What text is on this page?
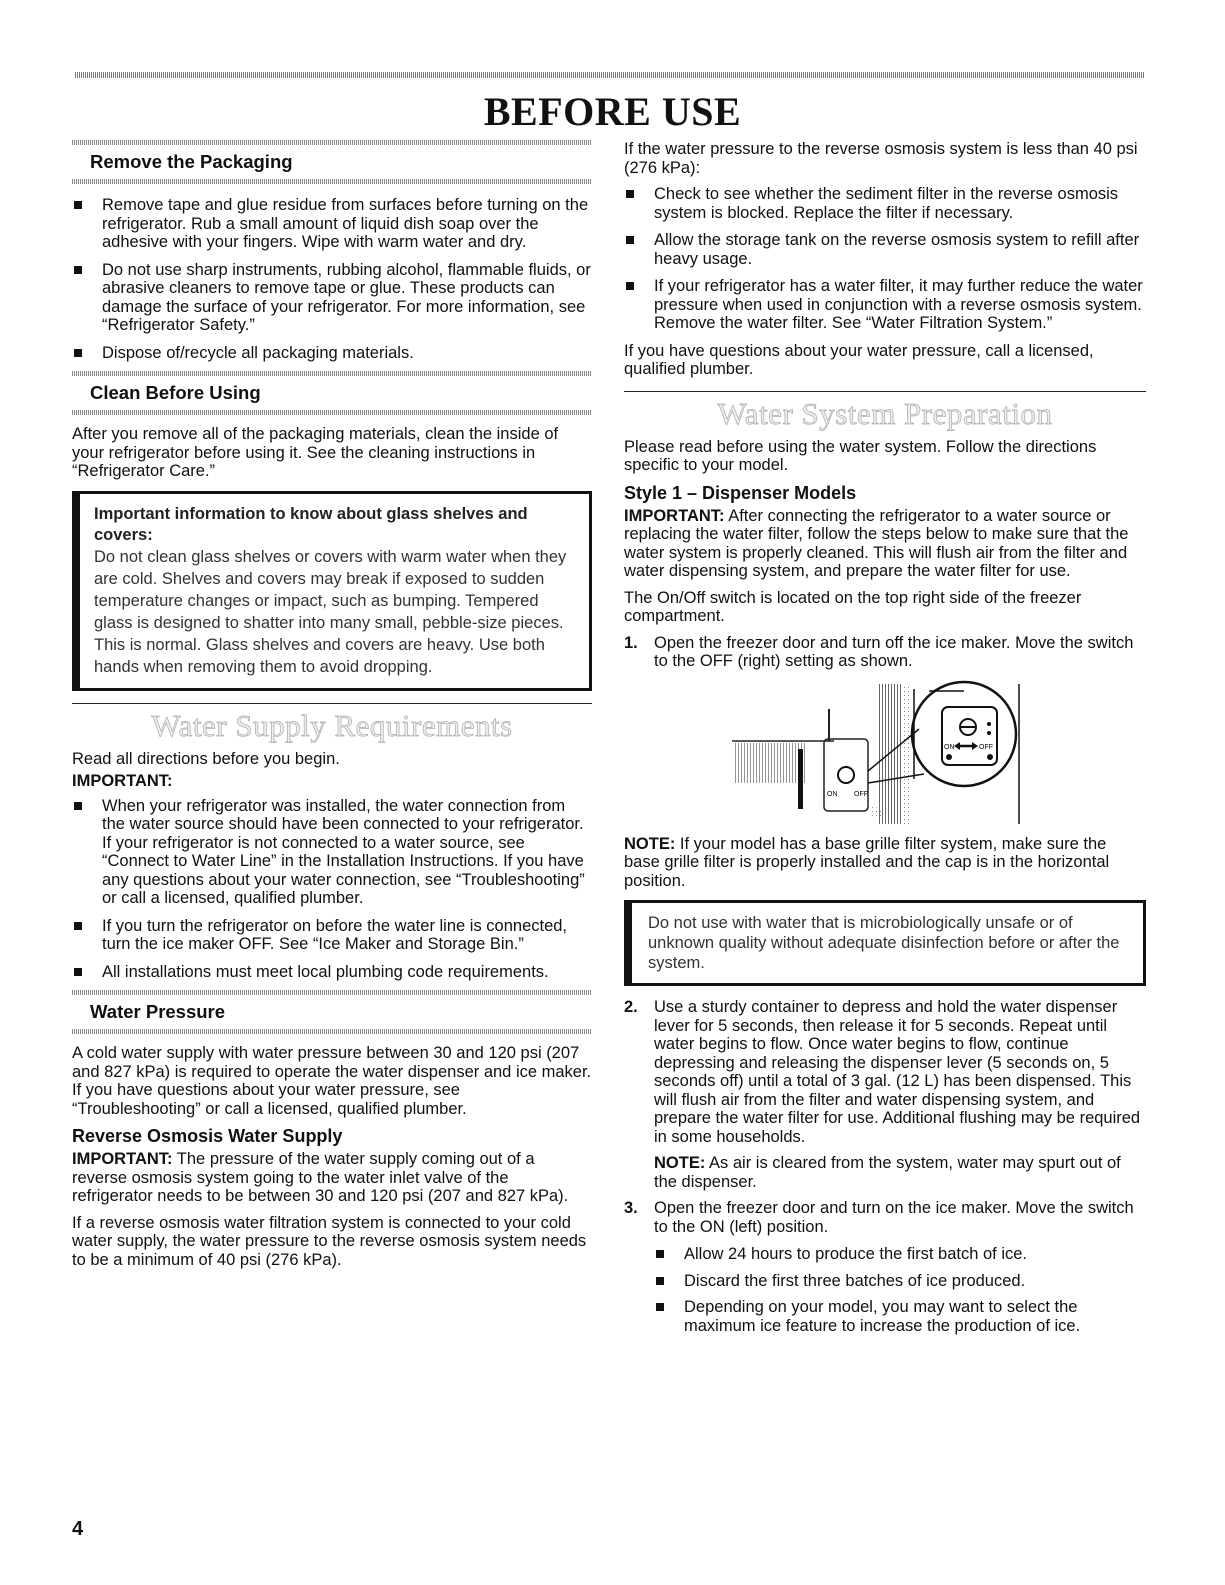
BEFORE USE
Remove the Packaging
Remove tape and glue residue from surfaces before turning on the refrigerator. Rub a small amount of liquid dish soap over the adhesive with your fingers. Wipe with warm water and dry.
Do not use sharp instruments, rubbing alcohol, flammable fluids, or abrasive cleaners to remove tape or glue. These products can damage the surface of your refrigerator. For more information, see “Refrigerator Safety.”
Dispose of/recycle all packaging materials.
Clean Before Using

After you remove all of the packaging materials, clean the inside of your refrigerator before using it. See the cleaning instructions in “Refrigerator Care.”

Important information to know about glass shelves and covers:

Do not clean glass shelves or covers with warm water when they are cold. Shelves and covers may break if exposed to sudden temperature changes or impact, such as bumping. Tempered glass is designed to shatter into many small, pebble-size pieces. This is normal. Glass shelves and covers are heavy. Use both hands when removing them to avoid dropping.

Water Supply Requirements

Read all directions before you begin.

IMPORTANT:

When your refrigerator was installed, the water connection from the water source should have been connected to your refrigerator. If your refrigerator is not connected to a water source, see “Connect to Water Line” in the Installation Instructions. If you have any questions about your water connection, see “Troubleshooting” or call a licensed, qualified plumber.
If you turn the refrigerator on before the water line is connected, turn the ice maker OFF. See “Ice Maker and Storage Bin.”
All installations must meet local plumbing code requirements.
Water Pressure

A cold water supply with water pressure between 30 and 120 psi (207 and 827 kPa) is required to operate the water dispenser and ice maker. If you have questions about your water pressure, see “Troubleshooting” or call a licensed, qualified plumber.

Reverse Osmosis Water Supply

IMPORTANT: The pressure of the water supply coming out of a reverse osmosis system going to the water inlet valve of the refrigerator needs to be between 30 and 120 psi (207 and 827 kPa).

If a reverse osmosis water filtration system is connected to your cold water supply, the water pressure to the reverse osmosis system needs to be a minimum of 40 psi (276 kPa).

If the water pressure to the reverse osmosis system is less than 40 psi (276 kPa):

Check to see whether the sediment filter in the reverse osmosis system is blocked. Replace the filter if necessary.
Allow the storage tank on the reverse osmosis system to refill after heavy usage.
If your refrigerator has a water filter, it may further reduce the water pressure when used in conjunction with a reverse osmosis system. Remove the water filter. See “Water Filtration System.”

If you have questions about your water pressure, call a licensed, qualified plumber.

Water System Preparation

Please read before using the water system. Follow the directions specific to your model.

Style 1 – Dispenser Models

IMPORTANT: After connecting the refrigerator to a water source or replacing the water filter, follow the steps below to make sure that the water system is properly cleaned. This will flush air from the filter and water dispensing system, and prepare the water filter for use.

The On/Off switch is located on the top right side of the freezer compartment.

1. Open the freezer door and turn off the ice maker. Move the switch to the OFF (right) setting as shown.
ON OFF
ON	OFF

NOTE: If your model has a base grille filter system, make sure the base grille filter is properly installed and the cap is in the horizontal position.

Do not use with water that is microbiologically unsafe or of unknown quality without adequate disinfection before or after the system.

2. Use a sturdy container to depress and hold the water dispenser lever for 5 seconds, then release it for 5 seconds. Repeat until water begins to flow. Once water begins to flow, continue depressing and releasing the dispenser lever (5 seconds on, 5 seconds off) until a total of 3 gal. (12 L) has been dispensed. This will flush air from the filter and water dispensing system, and prepare the water filter for use. Additional flushing may be required in some households.

NOTE: As air is cleared from the system, water may spurt out of the dispenser.

3. Open the freezer door and turn on the ice maker. Move the switch to the ON (left) position.
Allow 24 hours to produce the first batch of ice.
Discard the first three batches of ice produced.
Depending on your model, you may want to select the maximum ice feature to increase the production of ice.
4
